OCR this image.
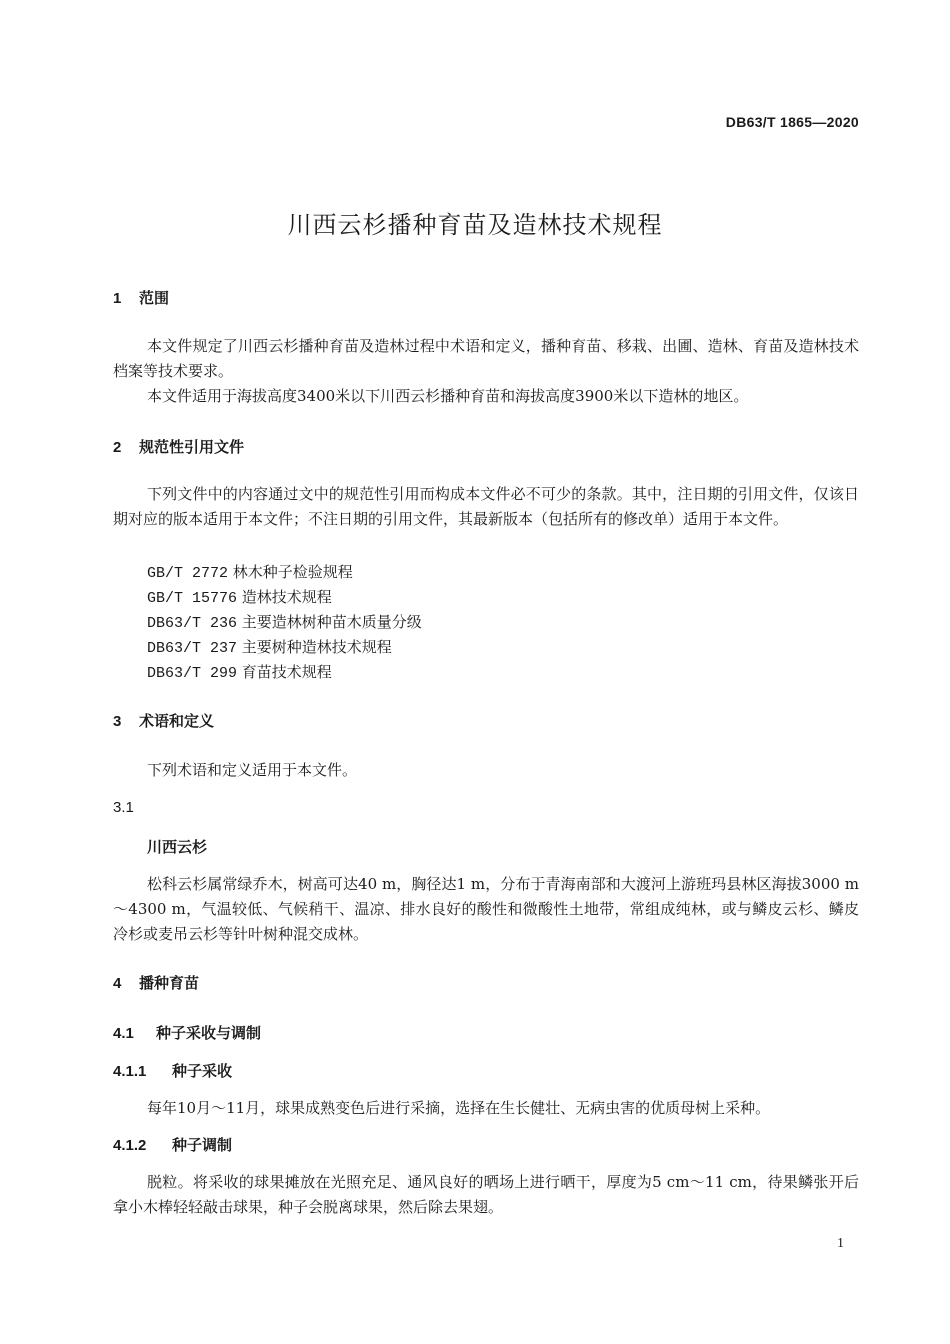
DB63/T 1865—2020
川西云杉播种育苗及造林技术规程
1 范围
本文件规定了川西云杉播种育苗及造林过程中术语和定义，播种育苗、移栽、出圃、造林、育苗及造林技术档案等技术要求。
本文件适用于海拔高度3400米以下川西云杉播种育苗和海拔高度3900米以下造林的地区。
2 规范性引用文件
下列文件中的内容通过文中的规范性引用而构成本文件必不可少的条款。其中，注日期的引用文件，仅该日期对应的版本适用于本文件；不注日期的引用文件，其最新版本（包括所有的修改单）适用于本文件。
GB/T 2772 林木种子检验规程
GB/T 15776 造林技术规程
DB63/T 236 主要造林树种苗木质量分级
DB63/T 237 主要树种造林技术规程
DB63/T 299 育苗技术规程
3 术语和定义
下列术语和定义适用于本文件。
3.1
川西云杉
松科云杉属常绿乔木，树高可达40 m，胸径达1 m，分布于青海南部和大渡河上游班玛县林区海拔3000 m～4300 m，气温较低、气候稍干、温凉、排水良好的酸性和微酸性土地带，常组成纯林，或与鳞皮云杉、鳞皮冷杉或麦吊云杉等针叶树种混交成林。
4 播种育苗
4.1 种子采收与调制
4.1.1 种子采收
每年10月～11月，球果成熟变色后进行采摘，选择在生长健壮、无病虫害的优质母树上采种。
4.1.2 种子调制
脱粒。将采收的球果摊放在光照充足、通风良好的晒场上进行晒干，厚度为5 cm～11 cm，待果鳞张开后拿小木棒轻轻敲击球果，种子会脱离球果，然后除去果翅。
1
